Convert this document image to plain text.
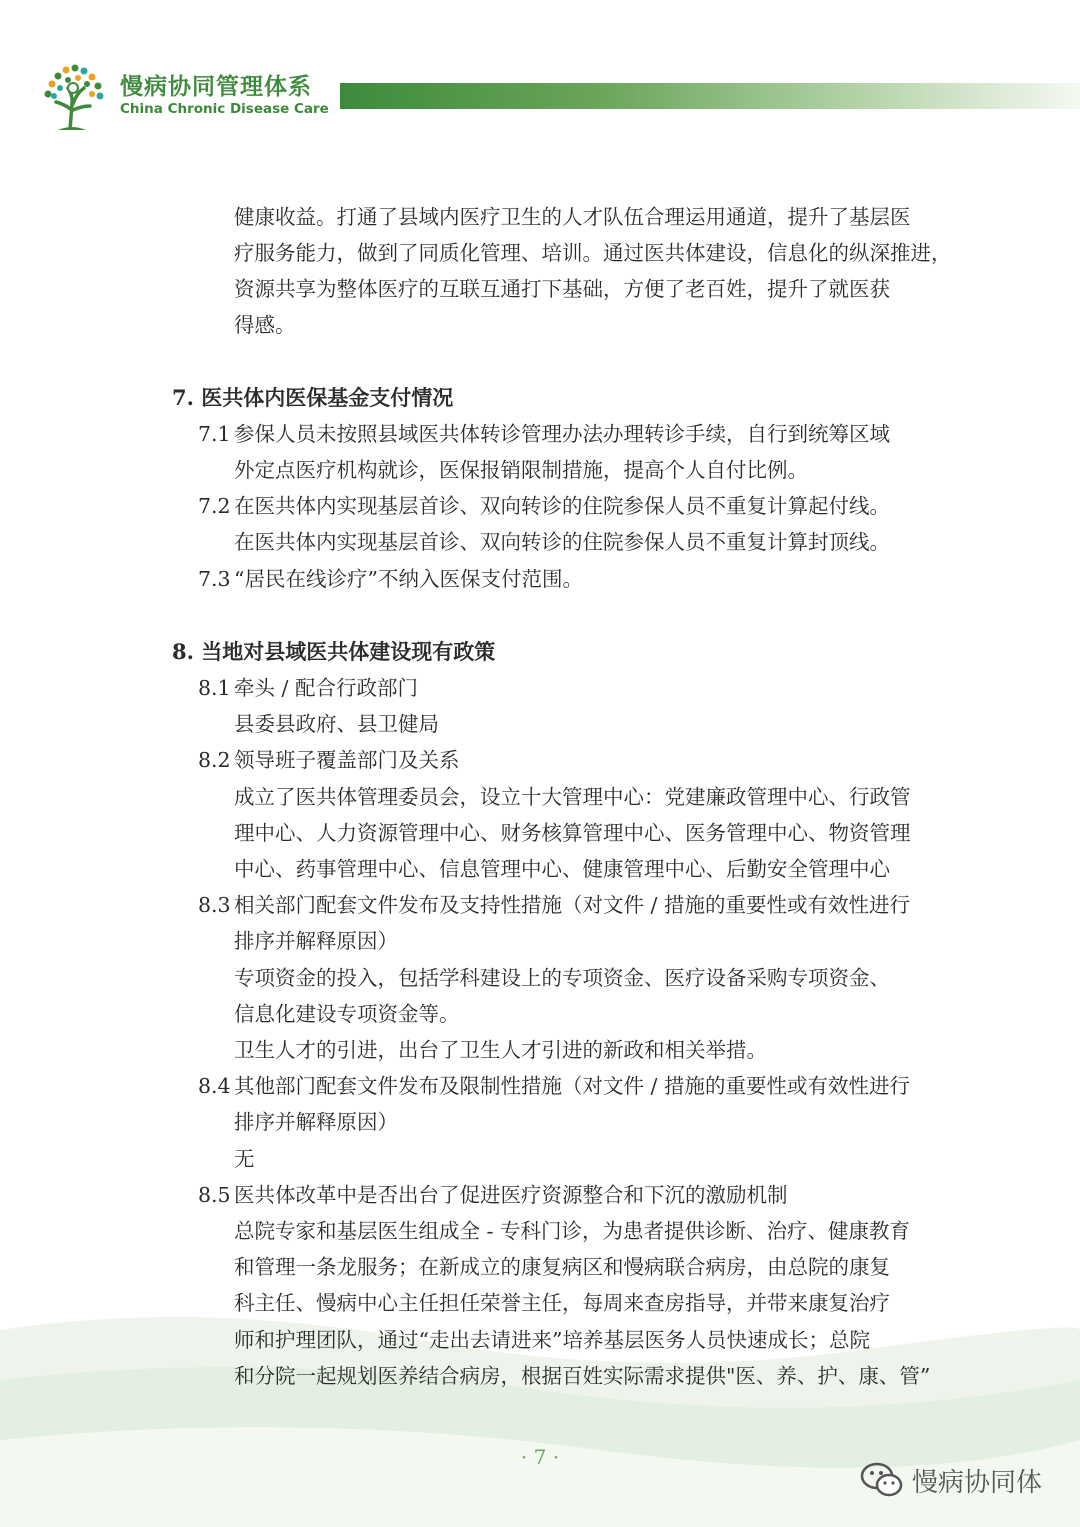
慢病协同管理体系
China Chronic Disease Care
健康收益。打通了县域内医疗卫生的人才队伍合理运用通道，提升了基层医
疗服务能力，做到了同质化管理、培训。通过医共体建设，信息化的纵深推进，
资源共享为整体医疗的互联互通打下基础，方便了老百姓，提升了就医获
得感。
7. 医共体内医保基金支付情况
7.1 参保人员未按照县域医共体转诊管理办法办理转诊手续，自行到统筹区域
外定点医疗机构就诊，医保报销限制措施，提高个人自付比例。
7.2 在医共体内实现基层首诊、双向转诊的住院参保人员不重复计算起付线。
在医共体内实现基层首诊、双向转诊的住院参保人员不重复计算封顶线。
7.3 “居民在线诊疗”不纳入医保支付范围。
8. 当地对县域医共体建设现有政策
8.1 牵头 / 配合行政部门
县委县政府、县卫健局
8.2 领导班子覆盖部门及关系
成立了医共体管理委员会，设立十大管理中心：党建廉政管理中心、行政管
理中心、人力资源管理中心、财务核算管理中心、医务管理中心、物资管理
中心、药事管理中心、信息管理中心、健康管理中心、后勤安全管理中心
8.3 相关部门配套文件发布及支持性措施（对文件 / 措施的重要性或有效性进行
排序并解释原因）
专项资金的投入，包括学科建设上的专项资金、医疗设备采购专项资金、
信息化建设专项资金等。
卫生人才的引进，出台了卫生人才引进的新政和相关举措。
8.4 其他部门配套文件发布及限制性措施（对文件 / 措施的重要性或有效性进行
排序并解释原因）
无
8.5 医共体改革中是否出台了促进医疗资源整合和下沉的激励机制
总院专家和基层医生组成全 - 专科门诊，为患者提供诊断、治疗、健康教育
和管理一条龙服务；在新成立的康复病区和慢病联合病房，由总院的康复
科主任、慢病中心主任担任荣誉主任，每周来查房指导，并带来康复治疗
师和护理团队，通过“走出去请进来”培养基层医务人员快速成长；总院
和分院一起规划医养结合病房，根据百姓实际需求提供"医、养、护、康、管”
· 7 ·
慢病协同体
